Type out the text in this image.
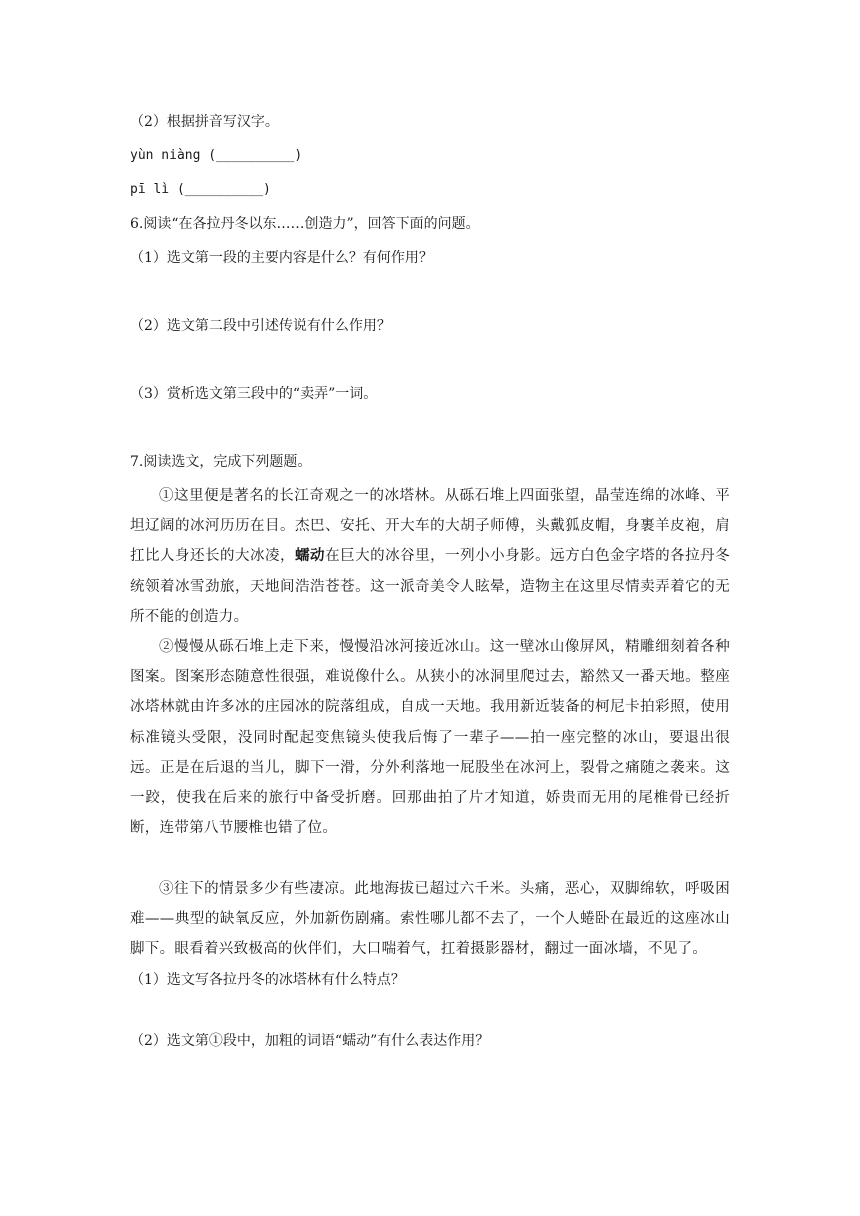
（2）根据拼音写汉字。
yùn niàng (__________)
pī lì (__________)
6.阅读“在各拉丹冬以东……创造力”，回答下面的问题。
（1）选文第一段的主要内容是什么？有何作用？
（2）选文第二段中引述传说有什么作用？
（3）赏析选文第三段中的“卖弄”一词。
7.阅读选文，完成下列题题。
①这里便是著名的长江奇观之一的冰塔林。从砾石堆上四面张望，晶莹连绵的冰峰、平坦辽阔的冰河历历在目。杰巴、安托、开大车的大胡子师傅，头戴狐皮帽，身裹羊皮袍，肩扛比人身还长的大冰凌，蠕动在巨大的冰谷里，一列小小身影。远方白色金字塔的各拉丹冬统领着冰雪劲旅，天地间浩浩苍苍。这一派奇美令人眩晕，造物主在这里尽情卖弄着它的无所不能的创造力。
②慢慢从砾石堆上走下来，慢慢沿冰河接近冰山。这一壁冰山像屏风，精雕细刻着各种图案。图案形态随意性很强，难说像什么。从狭小的冰洞里爬过去，豁然又一番天地。整座冰塔林就由许多冰的庄园冰的院落组成，自成一天地。我用新近装备的柯尼卡拍彩照，使用标准镜头受限，没同时配起变焦镜头使我后悔了一辈子——拍一座完整的冰山，要退出很远。正是在后退的当儿，脚下一滑，分外利落地一屁股坐在冰河上，裂骨之痛随之袭来。这一跤，使我在后来的旅行中备受折磨。回那曲拍了片才知道，娇贵而无用的尾椎骨已经折断，连带第八节腰椎也错了位。
③往下的情景多少有些凄凉。此地海拔已超过六千米。头痛，恶心，双脚绵软，呼吸困难——典型的缺氧反应，外加新伤剧痛。索性哪儿都不去了，一个人蜷卧在最近的这座冰山脚下。眼看着兴致极高的伙伴们，大口喘着气，扛着摄影器材，翻过一面冰墙，不见了。
（1）选文写各拉丹冬的冰塔林有什么特点？
（2）选文第①段中，加粗的词语“蠕动”有什么表达作用？
